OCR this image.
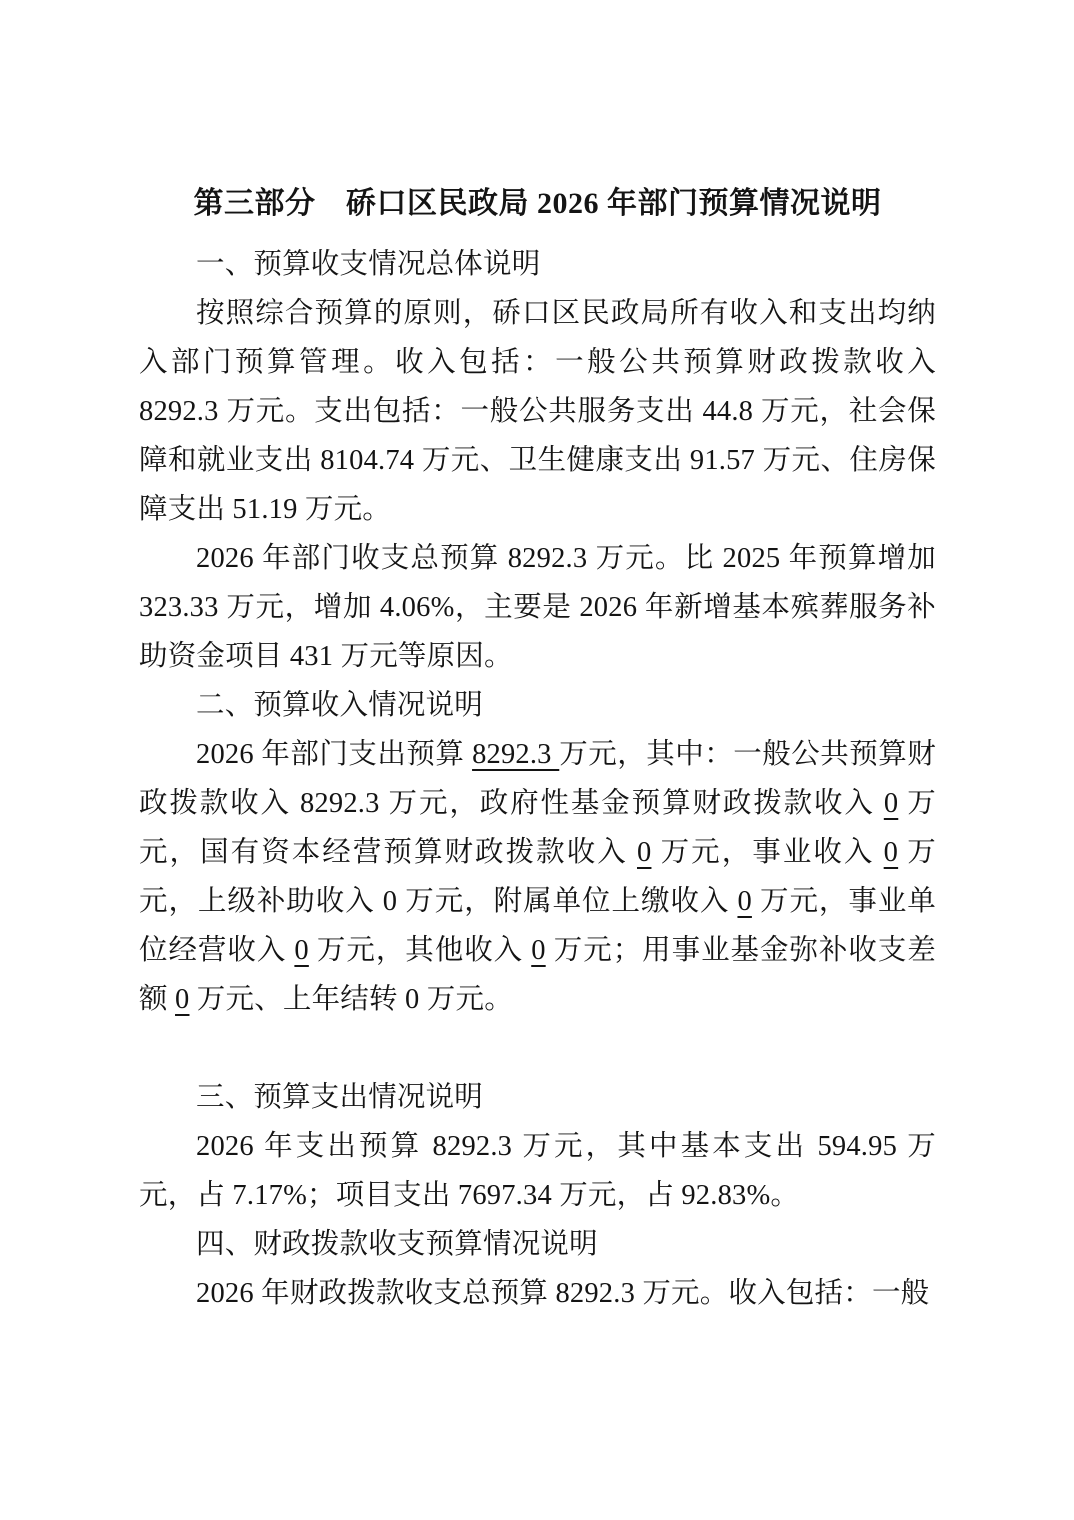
第三部分　硚口区民政局 2026 年部门预算情况说明

一、预算收支情况总体说明

按照综合预算的原则，硚口区民政局所有收入和支出均纳入部门预算管理。收入包括：一般公共预算财政拨款收入 8292.3 万元。支出包括：一般公共服务支出 44.8 万元，社会保障和就业支出 8104.74 万元、卫生健康支出 91.57 万元、住房保障支出 51.19 万元。

2026 年部门收支总预算 8292.3 万元。比 2025 年预算增加 323.33 万元，增加 4.06%，主要是 2026 年新增基本殡葬服务补助资金项目 431 万元等原因。

二、预算收入情况说明

2026 年部门支出预算 8292.3 万元，其中：一般公共预算财政拨款收入 8292.3 万元，政府性基金预算财政拨款收入 0 万元，国有资本经营预算财政拨款收入 0 万元，事业收入 0 万元，上级补助收入 0 万元，附属单位上缴收入 0 万元，事业单位经营收入 0 万元，其他收入 0 万元；用事业基金弥补收支差额 0 万元、上年结转 0 万元。

三、预算支出情况说明

2026 年支出预算 8292.3 万元，其中基本支出 594.95 万元，占 7.17%；项目支出 7697.34 万元，占 92.83%。

四、财政拨款收支预算情况说明

2026 年财政拨款收支总预算 8292.3 万元。收入包括：一般
